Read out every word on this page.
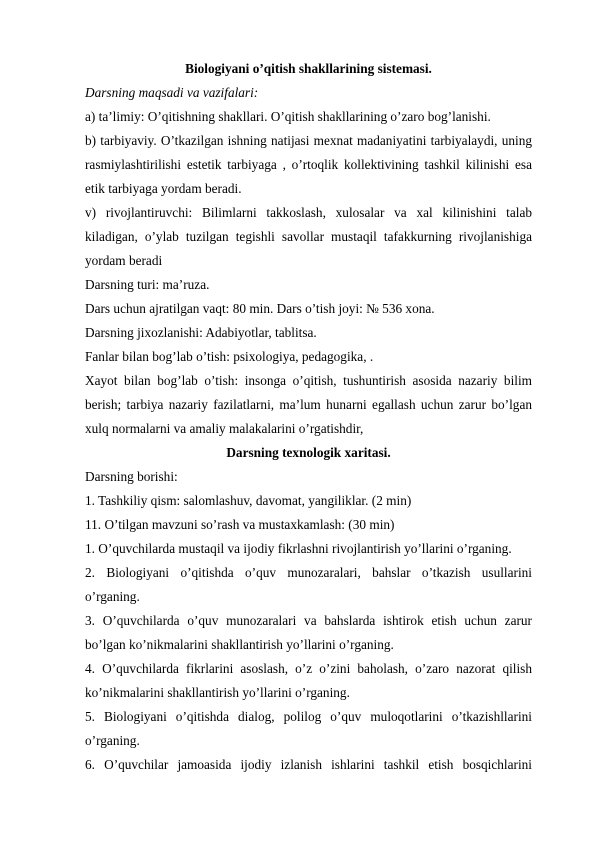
Biologiyani o’qitish shakllarining sistemasi.
Darsning maqsadi va vazifalari:
a) ta’limiy: O’qitishning shakllari. O’qitish shakllarining o’zaro bog’lanishi.
b) tarbiyaviy. O’tkazilgan ishning natijasi mexnat madaniyatini tarbiyalaydi, uning
rasmiylashtirilishi estetik tarbiyaga , o’rtoqlik kollektivining tashkil kilinishi esa
etik tarbiyaga yordam beradi.
v) rivojlantiruvchi: Bilimlarni takkoslash, xulosalar va xal kilinishini talab
kiladigan, o’ylab tuzilgan tegishli savollar mustaqil tafakkurning rivojlanishiga
yordam beradi
Darsning turi: ma’ruza.
Dars uchun ajratilgan vaqt: 80 min. Dars o’tish joyi: № 536 xona.
Darsning jixozlanishi: Adabiyotlar, tablitsa.
Fanlar bilan bog’lab o’tish: psixologiya, pedagogika, .
Xayot bilan bog’lab o’tish: insonga o’qitish, tushuntirish asosida nazariy bilim
berish; tarbiya nazariy fazilatlarni, ma’lum hunarni egallash uchun zarur bo’lgan
xulq normalarni va amaliy malakalarini o’rgatishdir,
Darsning texnologik xaritasi.
Darsning borishi:
1. Tashkiliy qism: salomlashuv, davomat, yangiliklar. (2 min)
11. O’tilgan mavzuni so’rash va mustaxkamlash: (30 min)
1. O’quvchilarda mustaqil va ijodiy fikrlashni rivojlantirish yo’llarini o’rganing.
2. Biologiyani o’qitishda o’quv munozaralari, bahslar o’tkazish usullarini
o’rganing.
3. O’quvchilarda o’quv munozaralari va bahslarda ishtirok etish uchun zarur
bo’lgan ko’nikmalarini shakllantirish yo’llarini o’rganing.
4. O’quvchilarda fikrlarini asoslash, o’z o’zini baholash, o’zaro nazorat qilish
ko’nikmalarini shakllantirish yo’llarini o’rganing.
5. Biologiyani o’qitishda dialog, polilog o’quv muloqotlarini o’tkazishllarini
o’rganing.
6. O’quvchilar jamoasida ijodiy izlanish ishlarini tashkil etish bosqichlarini
